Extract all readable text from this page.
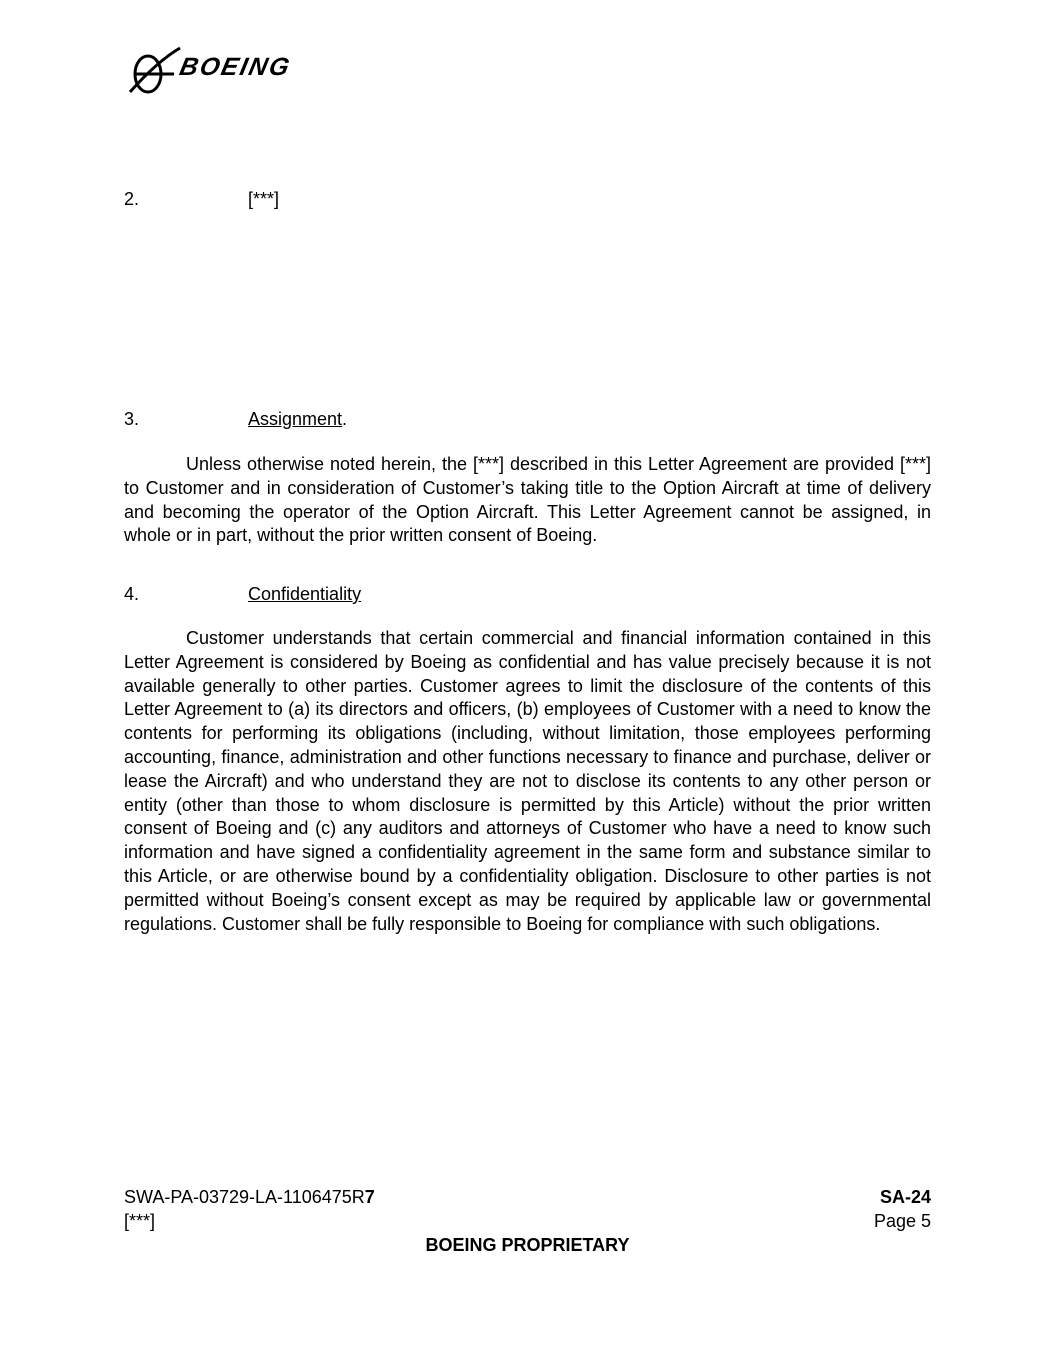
BOEING
2.	[***]
3.	Assignment.

Unless otherwise noted herein, the [***] described in this Letter Agreement are provided [***] to Customer and in consideration of Customer’s taking title to the Option Aircraft at time of delivery and becoming the operator of the Option Aircraft. This Letter Agreement cannot be assigned, in whole or in part, without the prior written consent of Boeing.

4.	Confidentiality

Customer understands that certain commercial and financial information contained in this Letter Agreement is considered by Boeing as confidential and has value precisely because it is not available generally to other parties. Customer agrees to limit the disclosure of the contents of this Letter Agreement to (a) its directors and officers, (b) employees of Customer with a need to know the contents for performing its obligations (including, without limitation, those employees performing accounting, finance, administration and other functions necessary to finance and purchase, deliver or lease the Aircraft) and who understand they are not to disclose its contents to any other person or entity (other than those to whom disclosure is permitted by this Article) without the prior written consent of Boeing and (c) any auditors and attorneys of Customer who have a need to know such information and have signed a confidentiality agreement in the same form and substance similar to this Article, or are otherwise bound by a confidentiality obligation. Disclosure to other parties is not permitted without Boeing’s consent except as may be required by applicable law or governmental regulations. Customer shall be fully responsible to Boeing for compliance with such obligations.

SWA-PA-03729-LA-1106475R7	SA-24
[***]	Page 5
BOEING PROPRIETARY
